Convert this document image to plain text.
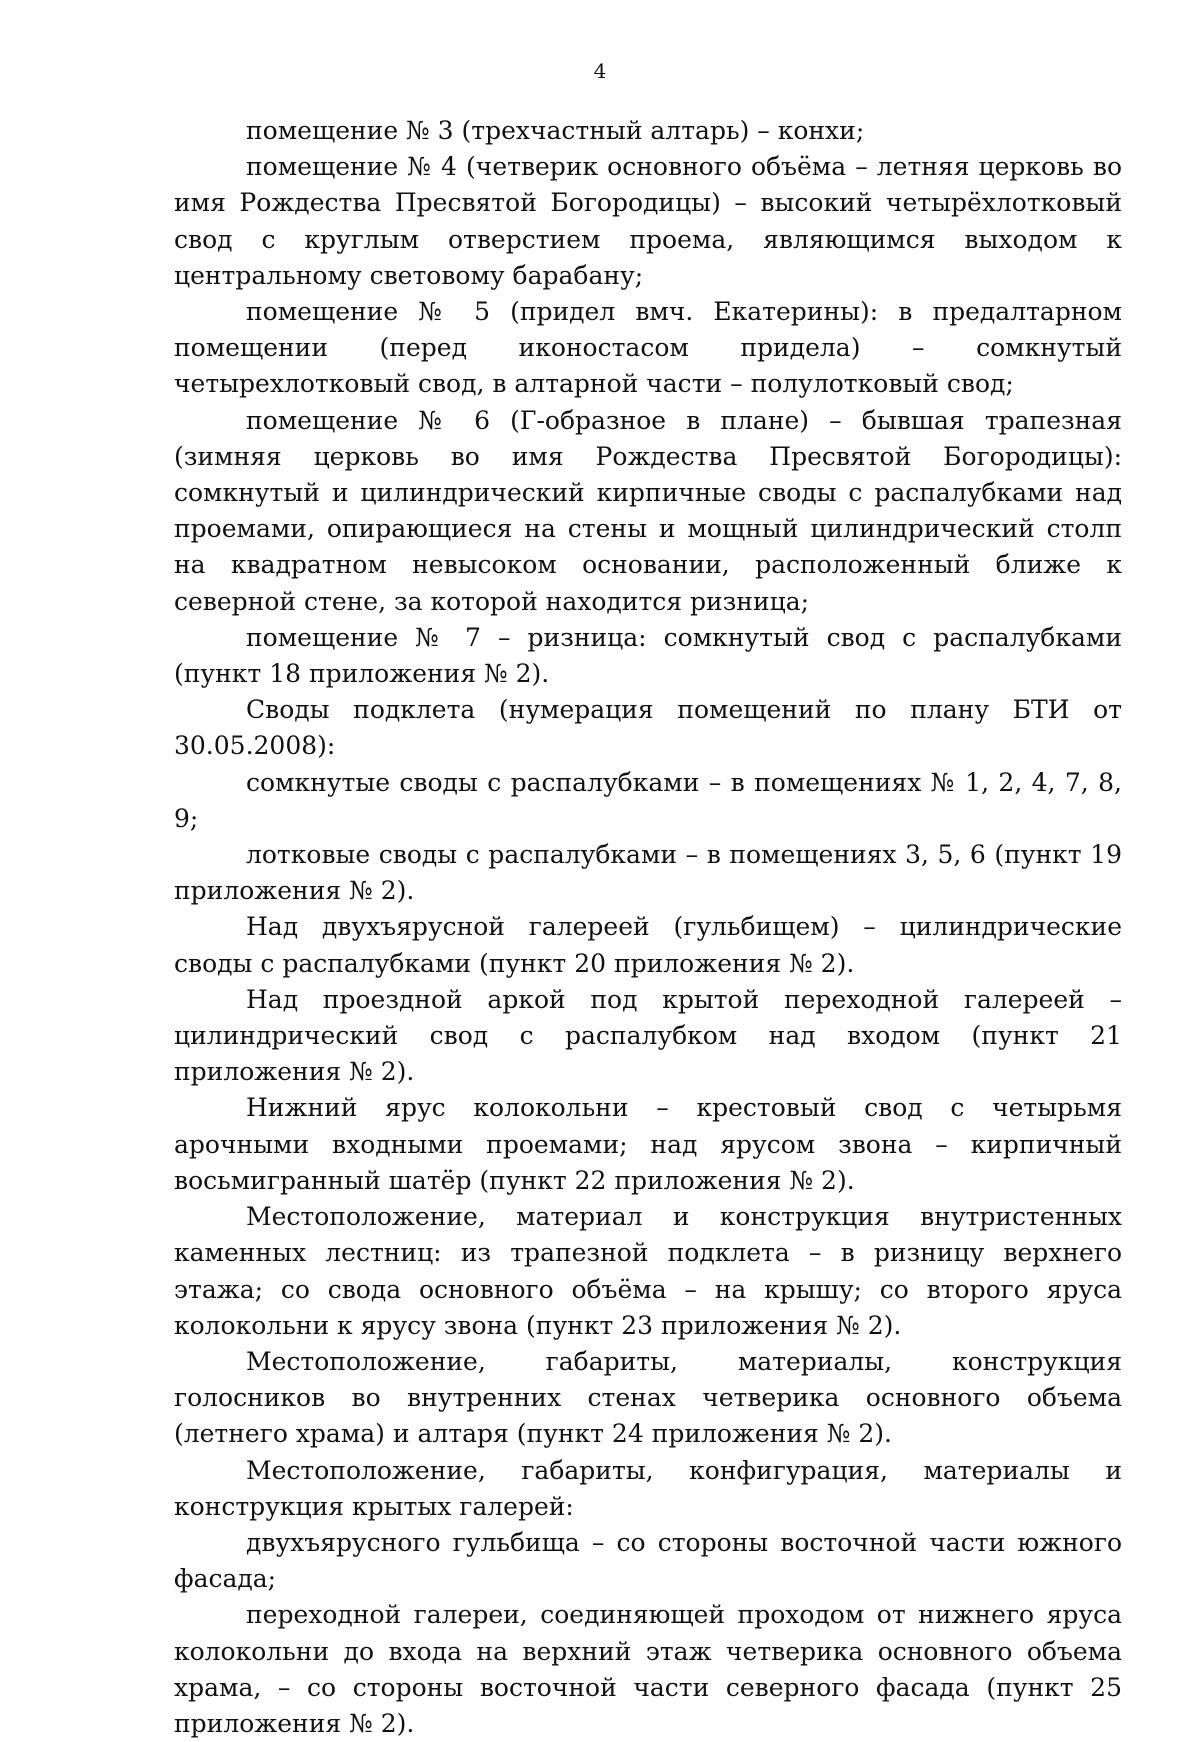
4

помещение № 3 (трехчастный алтарь) – конхи;

помещение № 4 (четверик основного объёма – летняя церковь во имя Рождества Пресвятой Богородицы) – высокий четырёхлотковый свод с круглым отверстием проема, являющимся выходом к центральному световому барабану;

помещение № 5 (придел вмч. Екатерины): в предалтарном помещении (перед иконостасом придела) – сомкнутый четырехлотковый свод, в алтарной части – полулотковый свод;

помещение № 6 (Г-образное в плане) – бывшая трапезная (зимняя церковь во имя Рождества Пресвятой Богородицы): сомкнутый и цилиндрический кирпичные своды с распалубками над проемами, опирающиеся на стены и мощный цилиндрический столп на квадратном невысоком основании, расположенный ближе к северной стене, за которой находится ризница;

помещение № 7 – ризница: сомкнутый свод с распалубками (пункт 18 приложения № 2).

Своды подклета (нумерация помещений по плану БТИ от 30.05.2008):

сомкнутые своды с распалубками – в помещениях № 1, 2, 4, 7, 8, 9;

лотковые своды с распалубками – в помещениях 3, 5, 6 (пункт 19 приложения № 2).

Над двухъярусной галереей (гульбищем) – цилиндрические своды с распалубками (пункт 20 приложения № 2).

Над проездной аркой под крытой переходной галереей – цилиндрический свод с распалубком над входом (пункт 21 приложения № 2).

Нижний ярус колокольни – крестовый свод с четырьмя арочными входными проемами; над ярусом звона – кирпичный восьмигранный шатёр (пункт 22 приложения № 2).

Местоположение, материал и конструкция внутристенных каменных лестниц: из трапезной подклета – в ризницу верхнего этажа; со свода основного объёма – на крышу; со второго яруса колокольни к ярусу звона (пункт 23 приложения № 2).

Местоположение, габариты, материалы, конструкция голосников во внутренних стенах четверика основного объема (летнего храма) и алтаря (пункт 24 приложения № 2).

Местоположение, габариты, конфигурация, материалы и конструкция крытых галерей:

двухъярусного гульбища – со стороны восточной части южного фасада;

переходной галереи, соединяющей проходом от нижнего яруса колокольни до входа на верхний этаж четверика основного объема храма, – со стороны восточной части северного фасада (пункт 25 приложения № 2).
